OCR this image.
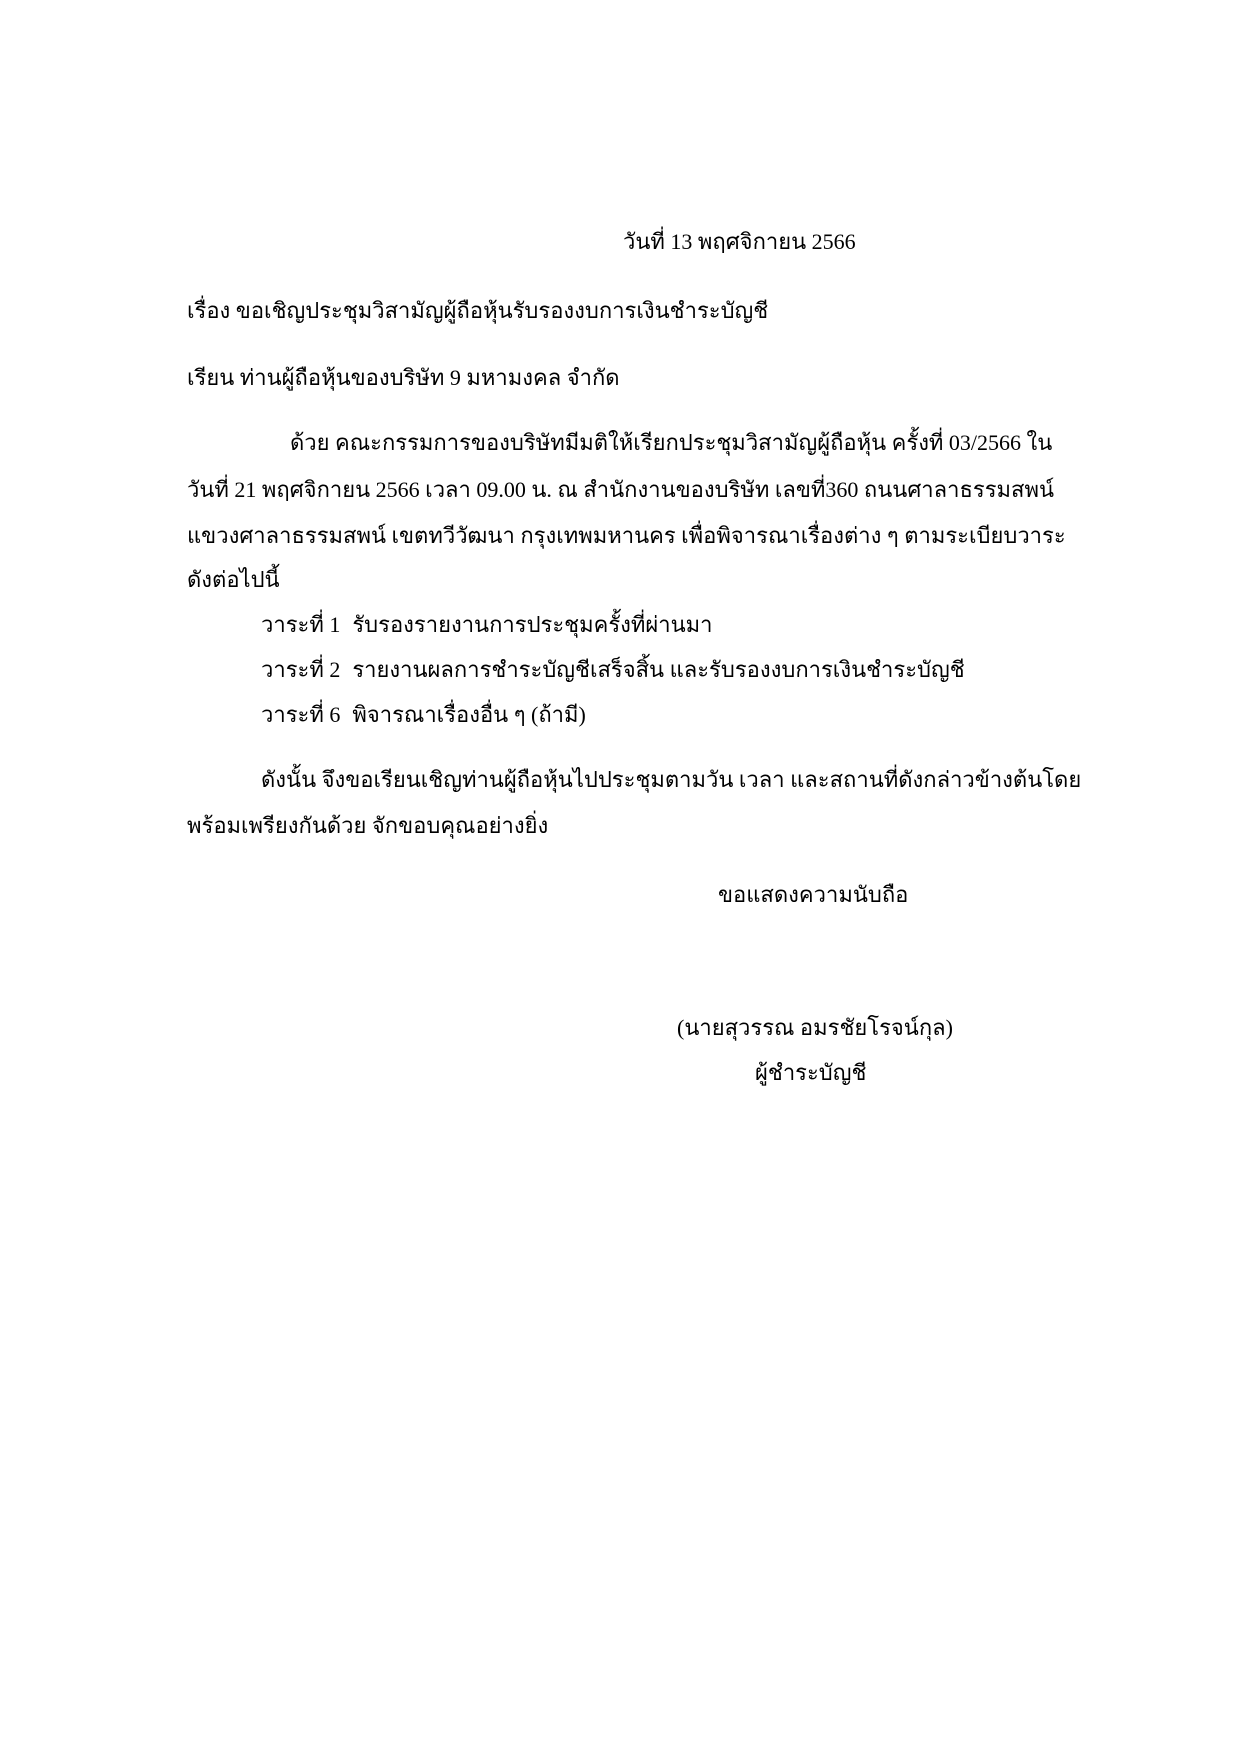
วันที่ 13 พฤศจิกายน 2566
เรื่อง ขอเชิญประชุมวิสามัญผู้ถือหุ้นรับรองงบการเงินชำระบัญชี
เรียน ท่านผู้ถือหุ้นของบริษัท 9 มหามงคล จำกัด
ด้วย คณะกรรมการของบริษัทมีมติให้เรียกประชุมวิสามัญผู้ถือหุ้น ครั้งที่ 03/2566 ใน
วันที่ 21 พฤศจิกายน 2566 เวลา 09.00 น. ณ สำนักงานของบริษัท เลขที่360 ถนนศาลาธรรมสพน์
แขวงศาลาธรรมสพน์ เขตทวีวัฒนา กรุงเทพมหานคร เพื่อพิจารณาเรื่องต่าง ๆ ตามระเบียบวาระ
ดังต่อไปนี้
วาระที่ 1 รับรองรายงานการประชุมครั้งที่ผ่านมา
วาระที่ 2 รายงานผลการชำระบัญชีเสร็จสิ้น และรับรองงบการเงินชำระบัญชี
วาระที่ 6 พิจารณาเรื่องอื่น ๆ (ถ้ามี)
ดังนั้น จึงขอเรียนเชิญท่านผู้ถือหุ้นไปประชุมตามวัน เวลา และสถานที่ดังกล่าวข้างต้นโดย
พร้อมเพรียงกันด้วย จักขอบคุณอย่างยิ่ง
ขอแสดงความนับถือ
(นายสุวรรณ อมรชัยโรจน์กุล)
ผู้ชำระบัญชี
